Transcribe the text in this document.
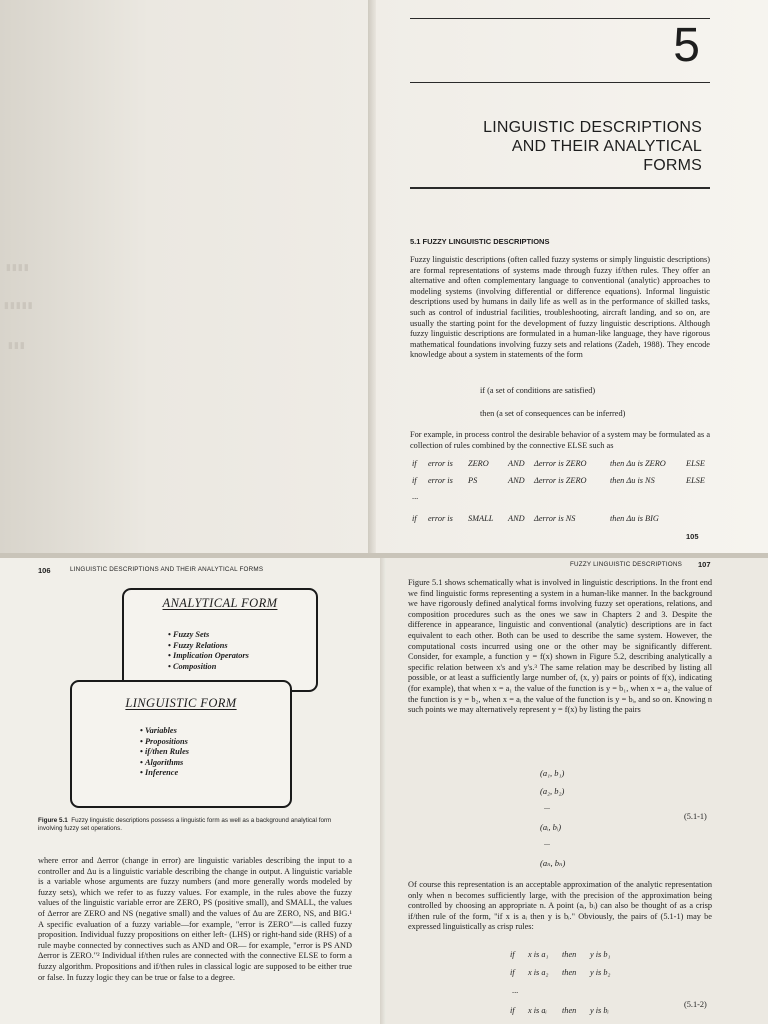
▮▮▮▮
▮▮▮▮▮
▮▮▮
5
LINGUISTIC DESCRIPTIONS
AND THEIR ANALYTICAL
FORMS
5.1 FUZZY LINGUISTIC DESCRIPTIONS
Fuzzy linguistic descriptions (often called fuzzy systems or simply linguistic descriptions) are formal representations of systems made through fuzzy if/then rules. They offer an alternative and often complementary language to conventional (analytic) approaches to modeling systems (involving differential or difference equations). Informal linguistic descriptions used by humans in daily life as well as in the performance of skilled tasks, such as control of industrial facilities, troubleshooting, aircraft landing, and so on, are usually the starting point for the development of fuzzy linguistic descriptions. Although fuzzy linguistic descriptions are formulated in a human-like language, they have rigorous mathematical foundations involving fuzzy sets and relations (Zadeh, 1988). They encode knowledge about a system in statements of the form
if (a set of conditions are satisfied)
then (a set of consequences can be inferred)
For example, in process control the desirable behavior of a system may be formulated as a collection of rules combined by the connective ELSE such as
if error is ZERO AND Δerror is ZERO	then Δu is ZERO ELSE
if error is PS	AND Δerror is ZERO	then Δu is NS	ELSE
...
if error is SMALL AND Δerror is NS	then Δu is BIG
105
106	LINGUISTIC DESCRIPTIONS AND THEIR ANALYTICAL FORMS
ANALYTICAL FORM
• Fuzzy Sets
• Fuzzy Relations
• Implication Operators
• Composition
LINGUISTIC FORM
• Variables
• Propositions
• if/then Rules
• Algorithms
• Inference
Figure 5.1 Fuzzy linguistic descriptions possess a linguistic form as well as a background analytical form involving fuzzy set operations.
where error and Δerror (change in error) are linguistic variables describing the input to a controller and Δu is a linguistic variable describing the change in output. A linguistic variable is a variable whose arguments are fuzzy numbers (and more generally words modeled by fuzzy sets), which we refer to as fuzzy values. For example, in the rules above the fuzzy values of the linguistic variable error are ZERO, PS (positive small), and SMALL, the values of Δerror are ZERO and NS (negative small) and the values of Δu are ZERO, NS, and BIG.¹ A specific evaluation of a fuzzy variable—for example, "error is ZERO"—is called fuzzy proposition. Individual fuzzy propositions on either left- (LHS) or right-hand side (RHS) of a rule maybe connected by connectives such as AND and OR— for example, "error is PS AND Δerror is ZERO."² Individual if/then rules are connected with the connective ELSE to form a fuzzy algorithm. Propositions and if/then rules in classical logic are supposed to be either true or false. In fuzzy logic they can be true or false to a degree.
FUZZY LINGUISTIC DESCRIPTIONS 107
Figure 5.1 shows schematically what is involved in linguistic descriptions. In the front end we find linguistic forms representing a system in a human-like manner. In the background we have rigorously defined analytical forms involving fuzzy set operations, relations, and composition procedures such as the ones we saw in Chapters 2 and 3. Despite the difference in appearance, linguistic and conventional (analytic) descriptions are in fact equivalent to each other. Both can be used to describe the same system. However, the computational costs incurred using one or the other may be significantly different. Consider, for example, a function y = f(x) shown in Figure 5.2, describing analytically a specific relation between x's and y's.³ The same relation may be described by listing all possible, or at least a sufficiently large number of, (x, y) pairs or points of f(x), indicating (for example), that when x = a₁ the value of the function is y = b₁, when x = a₂ the value of the function is y = b₂, when x = aᵢ the value of the function is y = bᵢ, and so on. Knowing n such points we may alternatively represent y = f(x) by listing the pairs
(a₁, b₁)
(a₂, b₂)
...
(aᵢ, bᵢ)
...
(aₙ, bₙ)
(5.1-1)
Of course this representation is an acceptable approximation of the analytic representation only when n becomes sufficiently large, with the precision of the approximation being controlled by choosing an appropriate n. A point (aᵢ, bᵢ) can also be thought of as a crisp if/then rule of the form, "if x is aᵢ then y is bᵢ." Obviously, the pairs of (5.1-1) may be expressed linguistically as crisp rules:
if x is a₁ then y is b₁
if x is a₂ then y is b₂
...
if x is aᵢ then y is bᵢ
(5.1-2)
